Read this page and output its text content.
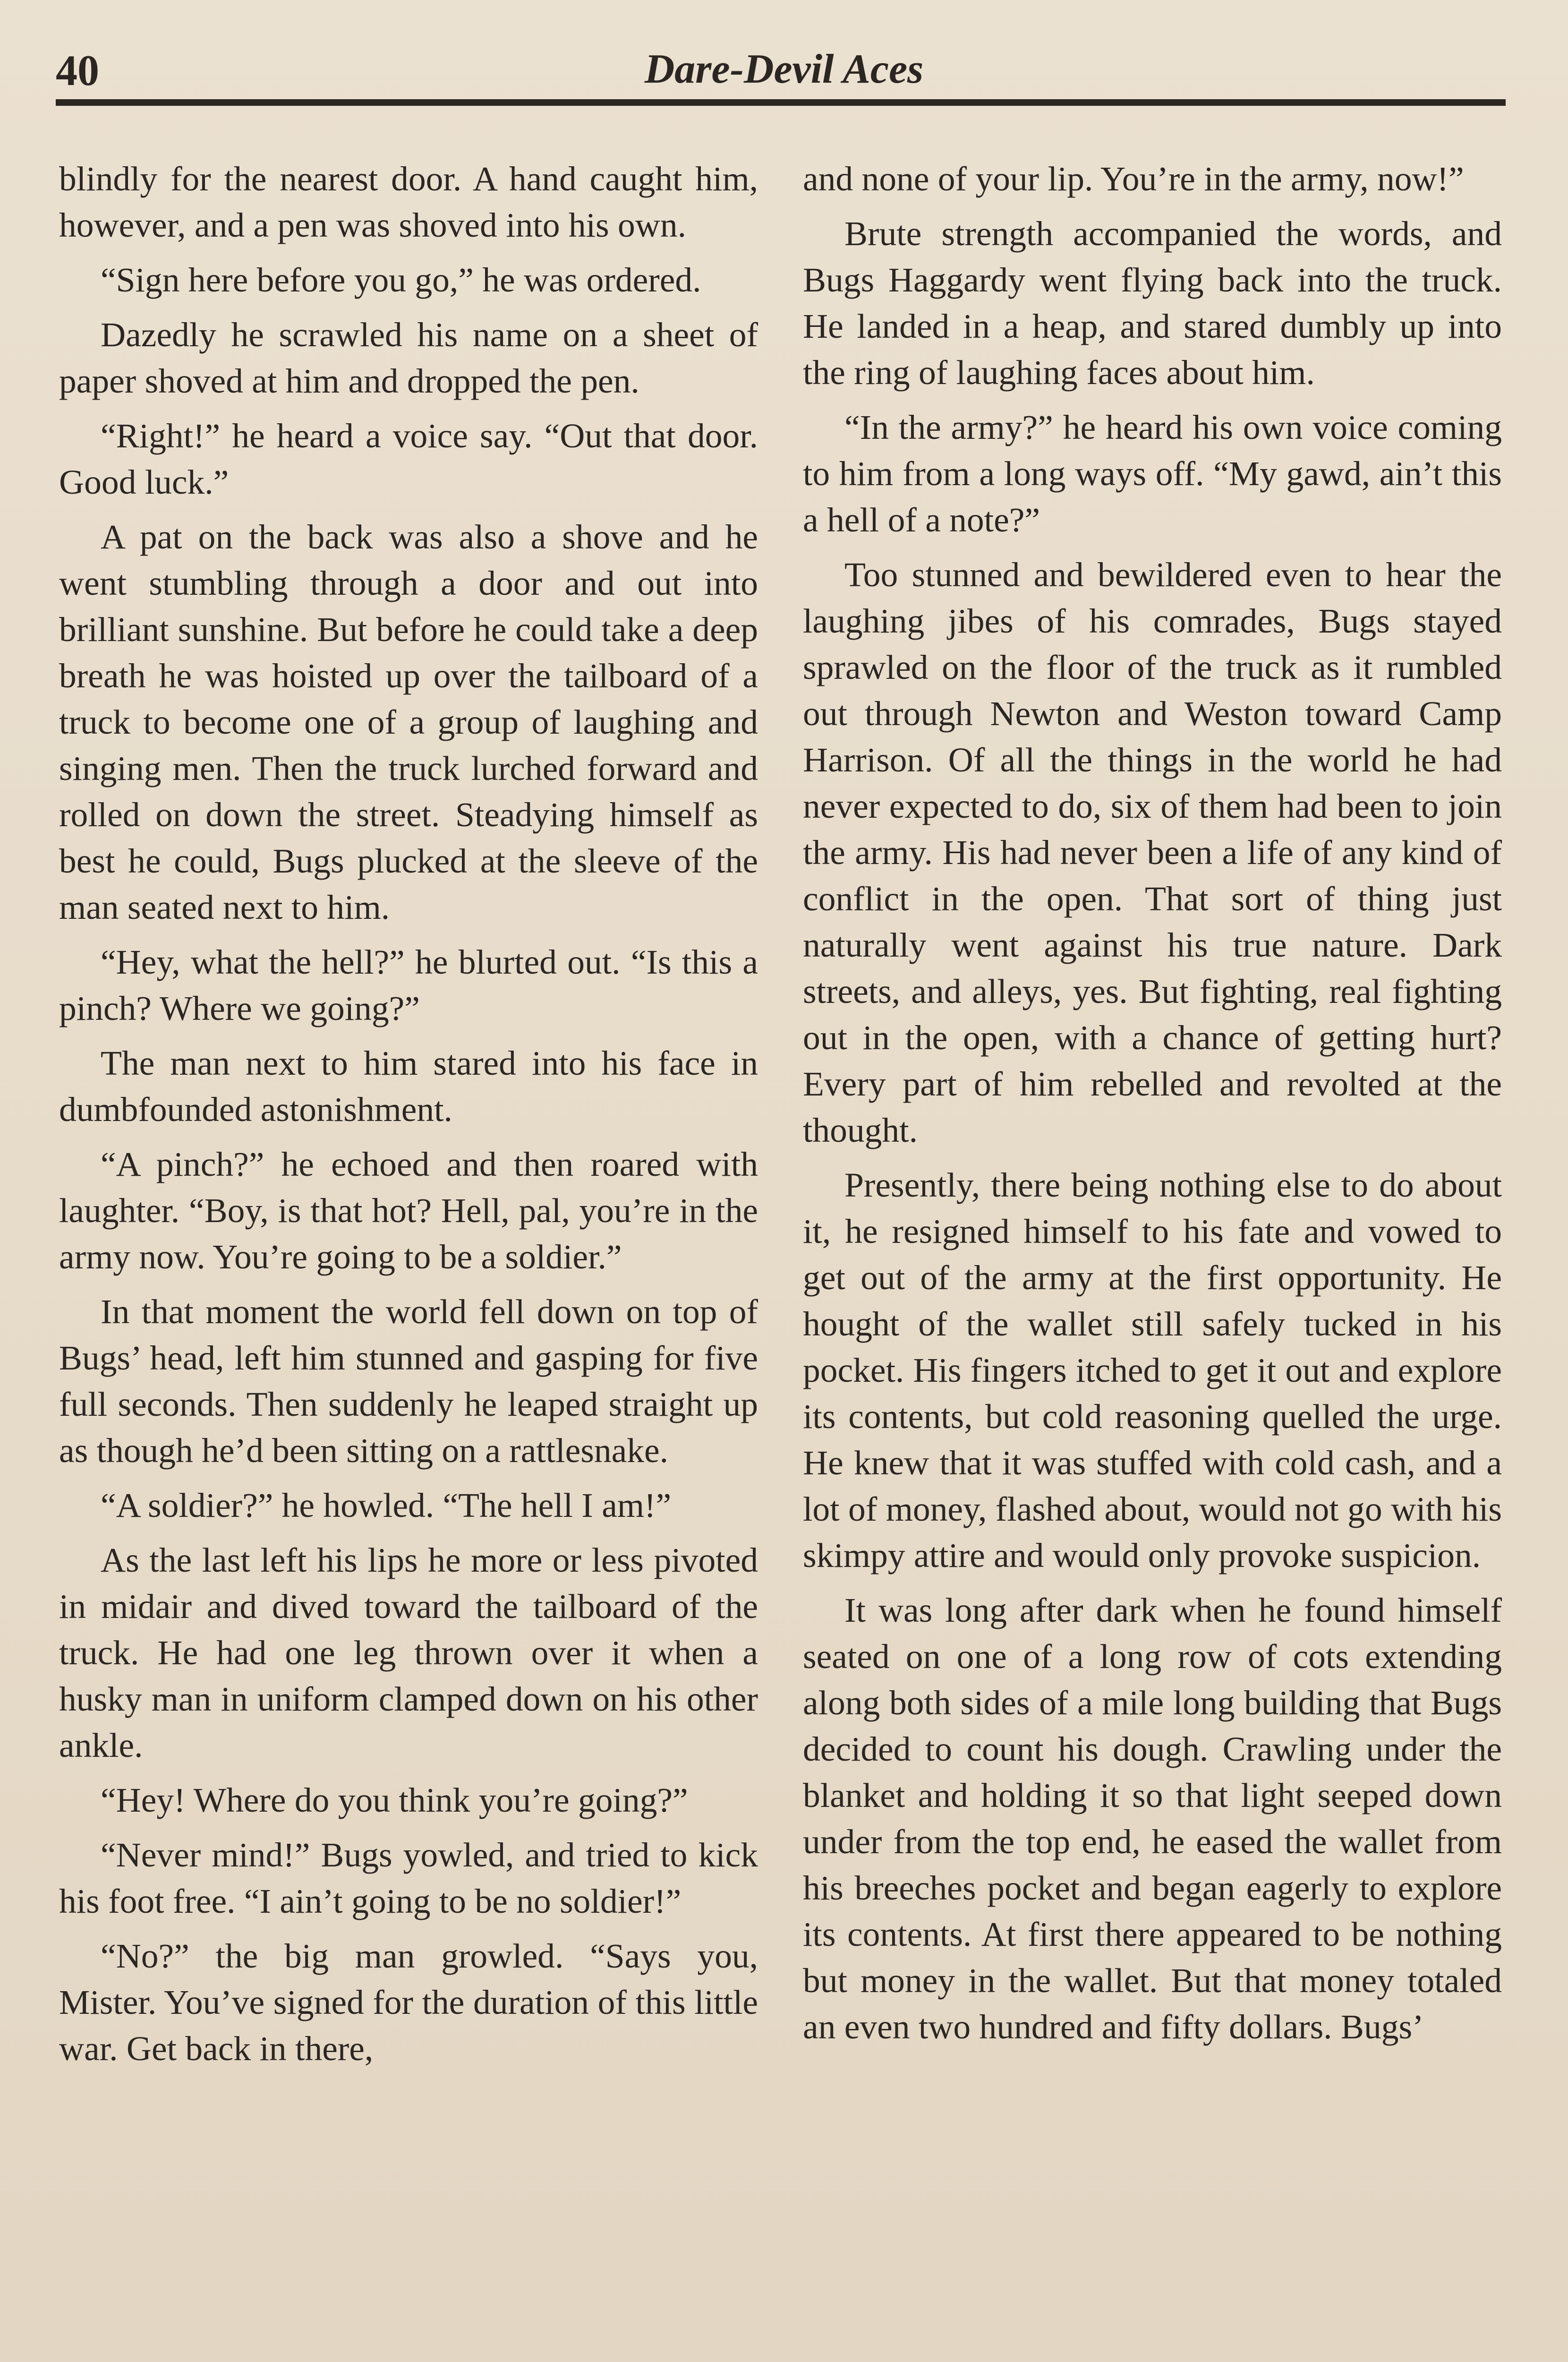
40	Dare-Devil Aces

blindly for the nearest door. A hand caught him, however, and a pen was shoved into his own.

“Sign here before you go,” he was ordered.

Dazedly he scrawled his name on a sheet of paper shoved at him and dropped the pen.

“Right!” he heard a voice say. “Out that door. Good luck.”

A pat on the back was also a shove and he went stumbling through a door and out into brilliant sunshine. But before he could take a deep breath he was hoisted up over the tailboard of a truck to become one of a group of laughing and singing men. Then the truck lurched forward and rolled on down the street. Steadying himself as best he could, Bugs plucked at the sleeve of the man seated next to him.

“Hey, what the hell?” he blurted out. “Is this a pinch? Where we going?”

The man next to him stared into his face in dumbfounded astonishment.

“A pinch?” he echoed and then roared with laughter. “Boy, is that hot? Hell, pal, you’re in the army now. You’re going to be a soldier.”

In that moment the world fell down on top of Bugs’ head, left him stunned and gasping for five full seconds. Then suddenly he leaped straight up as though he’d been sitting on a rattlesnake.

“A soldier?” he howled. “The hell I am!”

As the last left his lips he more or less pivoted in midair and dived toward the tailboard of the truck. He had one leg thrown over it when a husky man in uniform clamped down on his other ankle.

“Hey! Where do you think you’re going?”

“Never mind!” Bugs yowled, and tried to kick his foot free. “I ain’t going to be no soldier!”

“No?” the big man growled. “Says you, Mister. You’ve signed for the duration of this little war. Get back in there,

and none of your lip. You’re in the army, now!”

Brute strength accompanied the words, and Bugs Haggardy went flying back into the truck. He landed in a heap, and stared dumbly up into the ring of laughing faces about him.

“In the army?” he heard his own voice coming to him from a long ways off. “My gawd, ain’t this a hell of a note?”

Too stunned and bewildered even to hear the laughing jibes of his comrades, Bugs stayed sprawled on the floor of the truck as it rumbled out through Newton and Weston toward Camp Harrison. Of all the things in the world he had never expected to do, six of them had been to join the army. His had never been a life of any kind of conflict in the open. That sort of thing just naturally went against his true nature. Dark streets, and alleys, yes. But fighting, real fighting out in the open, with a chance of getting hurt? Every part of him rebelled and revolted at the thought.

Presently, there being nothing else to do about it, he resigned himself to his fate and vowed to get out of the army at the first opportunity. He hought of the wallet still safely tucked in his pocket. His fingers itched to get it out and explore its contents, but cold reasoning quelled the urge. He knew that it was stuffed with cold cash, and a lot of money, flashed about, would not go with his skimpy attire and would only provoke suspicion.

It was long after dark when he found himself seated on one of a long row of cots extending along both sides of a mile long building that Bugs decided to count his dough. Crawling under the blanket and holding it so that light seeped down under from the top end, he eased the wallet from his breeches pocket and began eagerly to explore its contents. At first there appeared to be nothing but money in the wallet. But that money totaled an even two hundred and fifty dollars. Bugs’
